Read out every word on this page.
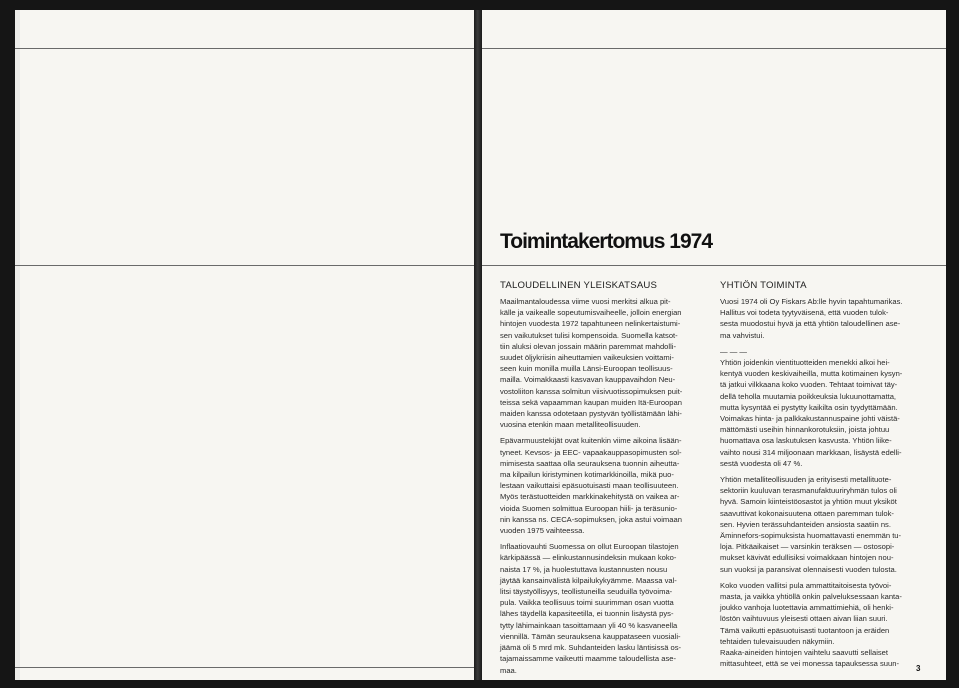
Toimintakertomus 1974
TALOUDELLINEN YLEISKATSAUS

Maailmantaloudessa viime vuosi merkitsi alkua pit-
källe ja vaikealle sopeutumisvaiheelle, jolloin energian
hintojen vuodesta 1972 tapahtuneen nelinkertaistumi-
sen vaikutukset tulisi kompensoida. Suomella katsot-
tiin aluksi olevan jossain määrin paremmat mahdolli-
suudet öljykriisin aiheuttamien vaikeuksien voittami-
seen kuin monilla muilla Länsi-Euroopan teollisuus-
mailla. Voimakkaasti kasvavan kauppavaihdon Neu-
vostoliiton kanssa solmitun viisivuotissopimuksen puit-
teissa sekä vapaamman kaupan muiden Itä-Euroopan
maiden kanssa odotetaan pystyvän työllistämään lähi-
vuosina etenkin maan metalliteollisuuden.

Epävarmuustekijät ovat kuitenkin viime aikoina lisään-
tyneet. Kevsos- ja EEC- vapaakauppasopimusten sol-
mimisesta saattaa olla seurauksena tuonnin aiheutta-
ma kilpailun kiristyminen kotimarkkinoilla, mikä puo-
lestaan vaikuttaisi epäsuotuisasti maan teollisuuteen.
Myös terästuotteiden markkinakehitystä on vaikea ar-
vioida Suomen solmittua Euroopan hiili- ja teräsunio-
nin kanssa ns. CECA-sopimuksen, joka astui voimaan
vuoden 1975 vaihteessa.

Inflaatiovauhti Suomessa on ollut Euroopan tilastojen
kärkipäässä — elinkustannusindeksin mukaan koko-
naista 17 %, ja huolestuttava kustannusten nousu
jäytää kansainvälistä kilpailukykyämme. Maassa val-
litsi täystyöllisyys, teollistuneilla seuduilla työvoima-
pula. Vaikka teollisuus toimi suurimman osan vuotta
lähes täydellä kapasiteetilla, ei tuonnin lisäystä pys-
tytty lähimainkaan tasoittamaan yli 40 % kasvaneella
viennillä. Tämän seurauksena kauppataseen vuosiali-
jäämä oli 5 mrd mk. Suhdanteiden lasku läntisissä os-
tajamaissamme vaikeutti maamme taloudellista ase-
maa.

YHTIÖN TOIMINTA

Vuosi 1974 oli Oy Fiskars Ab:lle hyvin tapahtumarikas.
Hallitus voi todeta tyytyväisenä, että vuoden tulok-
sesta muodostui hyvä ja että yhtiön taloudellinen ase-
ma vahvistui.

— — —

Yhtiön joidenkin vientituotteiden menekki alkoi hei-
kentyä vuoden keskivaiheilla, mutta kotimainen kysyn-
tä jatkui vilkkaana koko vuoden. Tehtaat toimivat täy-
dellä teholla muutamia poikkeuksia lukuunottamatta,
mutta kysyntää ei pystytty kaikilta osin tyydyttämään.
Voimakas hinta- ja palkkakustannuspaine johti väistä-
mättömästi useihin hinnankorotuksiin, joista johtuu
huomattava osa laskutuksen kasvusta. Yhtiön liike-
vaihto nousi 314 miljoonaan markkaan, lisäystä edelli-
sestä vuodesta oli 47 %.

Yhtiön metalliteollisuuden ja erityisesti metallituote-
sektoriin kuuluvan terasmanufaktuuriryhmän tulos oli
hyvä. Samoin kiinteistöosastot ja yhtiön muut yksiköt
saavuttivat kokonaisuutena ottaen paremman tulok-
sen. Hyvien terässuhdanteiden ansiosta saatiin ns.
Äminnefors-sopimuksista huomattavasti enemmän tu-
loja. Pitkäaikaiset — varsinkin teräksen — ostosopi-
mukset kävivät edullisiksi voimakkaan hintojen nou-
sun vuoksi ja paransivat olennaisesti vuoden tulosta.

Koko vuoden vallitsi pula ammattitaitoisesta työvoi-
masta, ja vaikka yhtiöllä onkin palveluksessaan kanta-
joukko vanhoja luotettavia ammattimiehiä, oli henki-
löstön vaihtuvuus yleisesti ottaen aivan liian suuri.
Tämä vaikutti epäsuotuisasti tuotantoon ja eräiden
tehtaiden tulevaisuuden näkymiin.
Raaka-aineiden hintojen vaihtelu saavutti sellaiset
mittasuhteet, että se vei monessa tapauksessa suun-

3
